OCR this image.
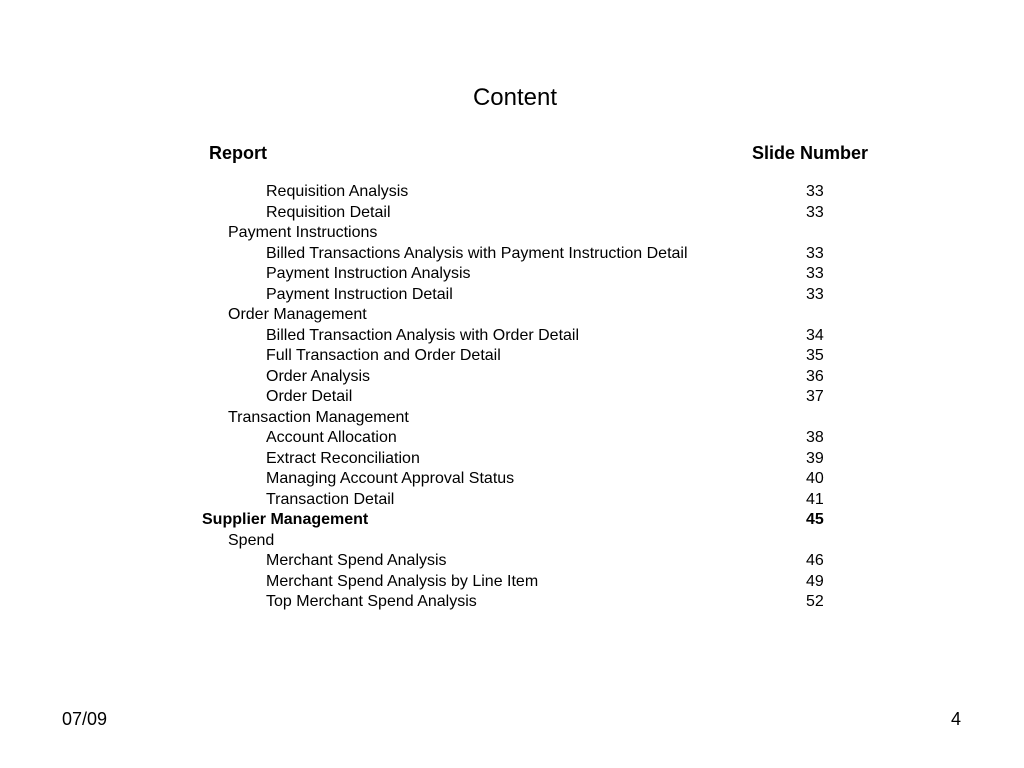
Content
Report	Slide Number
Requisition Analysis	33
Requisition Detail	33
Payment Instructions
Billed Transactions Analysis with Payment Instruction Detail	33
Payment Instruction Analysis	33
Payment Instruction Detail	33
Order Management
Billed Transaction Analysis with Order Detail	34
Full Transaction and Order Detail	35
Order Analysis	36
Order Detail	37
Transaction Management
Account Allocation	38
Extract Reconciliation	39
Managing Account Approval Status	40
Transaction Detail	41
Supplier Management	45
Spend
Merchant Spend Analysis	46
Merchant Spend Analysis by Line Item	49
Top Merchant Spend Analysis	52
07/09	4
